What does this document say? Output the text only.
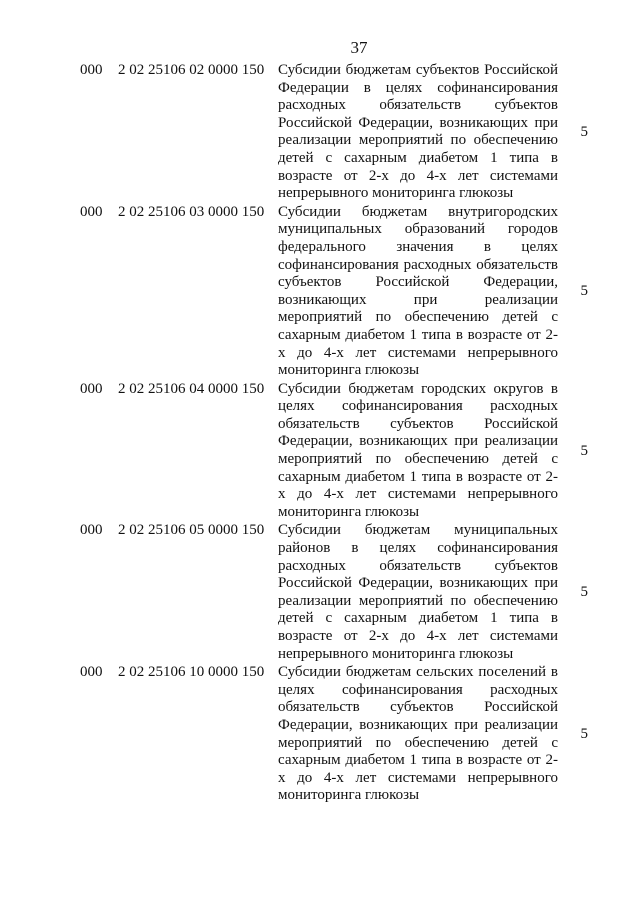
37
000	2 02 25106 02 0000 150 Субсидии бюджетам субъектов Российской Федерации в целях софинансирования расходных обязательств субъектов Российской Федерации, возникающих при реализации мероприятий по обеспечению детей с сахарным диабетом 1 типа в возрасте от 2-х до 4-х лет системами непрерывного мониторинга глюкозы
5
000	2 02 25106 03 0000 150 Субсидии бюджетам внутригородских муниципальных образований городов федерального значения в целях софинансирования расходных обязательств субъектов Российской Федерации, возникающих при реализации мероприятий по обеспечению детей с сахарным диабетом 1 типа в возрасте от 2-х до 4-х лет системами непрерывного мониторинга глюкозы
5
000	2 02 25106 04 0000 150 Субсидии бюджетам городских округов в целях софинансирования расходных обязательств субъектов Российской Федерации, возникающих при реализации мероприятий по обеспечению детей с сахарным диабетом 1 типа в возрасте от 2-х до 4-х лет системами непрерывного мониторинга глюкозы
5
000	2 02 25106 05 0000 150 Субсидии бюджетам муниципальных районов в целях софинансирования расходных обязательств субъектов Российской Федерации, возникающих при реализации мероприятий по обеспечению детей с сахарным диабетом 1 типа в возрасте от 2-х до 4-х лет системами непрерывного мониторинга глюкозы
5
000	2 02 25106 10 0000 150 Субсидии бюджетам сельских поселений в целях софинансирования расходных обязательств субъектов Российской Федерации, возникающих при реализации мероприятий по обеспечению детей с сахарным диабетом 1 типа в возрасте от 2-х до 4-х лет системами непрерывного мониторинга глюкозы
5
